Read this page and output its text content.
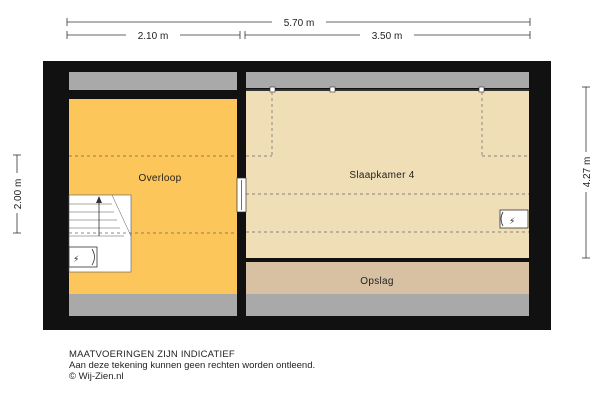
5.70 m
2.10 m	3.50 m
2.00 m
4.27 m
⚡
⚡
Overloop	Slaapkamer 4
Opslag
MAATVOERINGEN ZIJN INDICATIEF
Aan deze tekening kunnen geen rechten worden ontleend.
© Wij-Zien.nl
